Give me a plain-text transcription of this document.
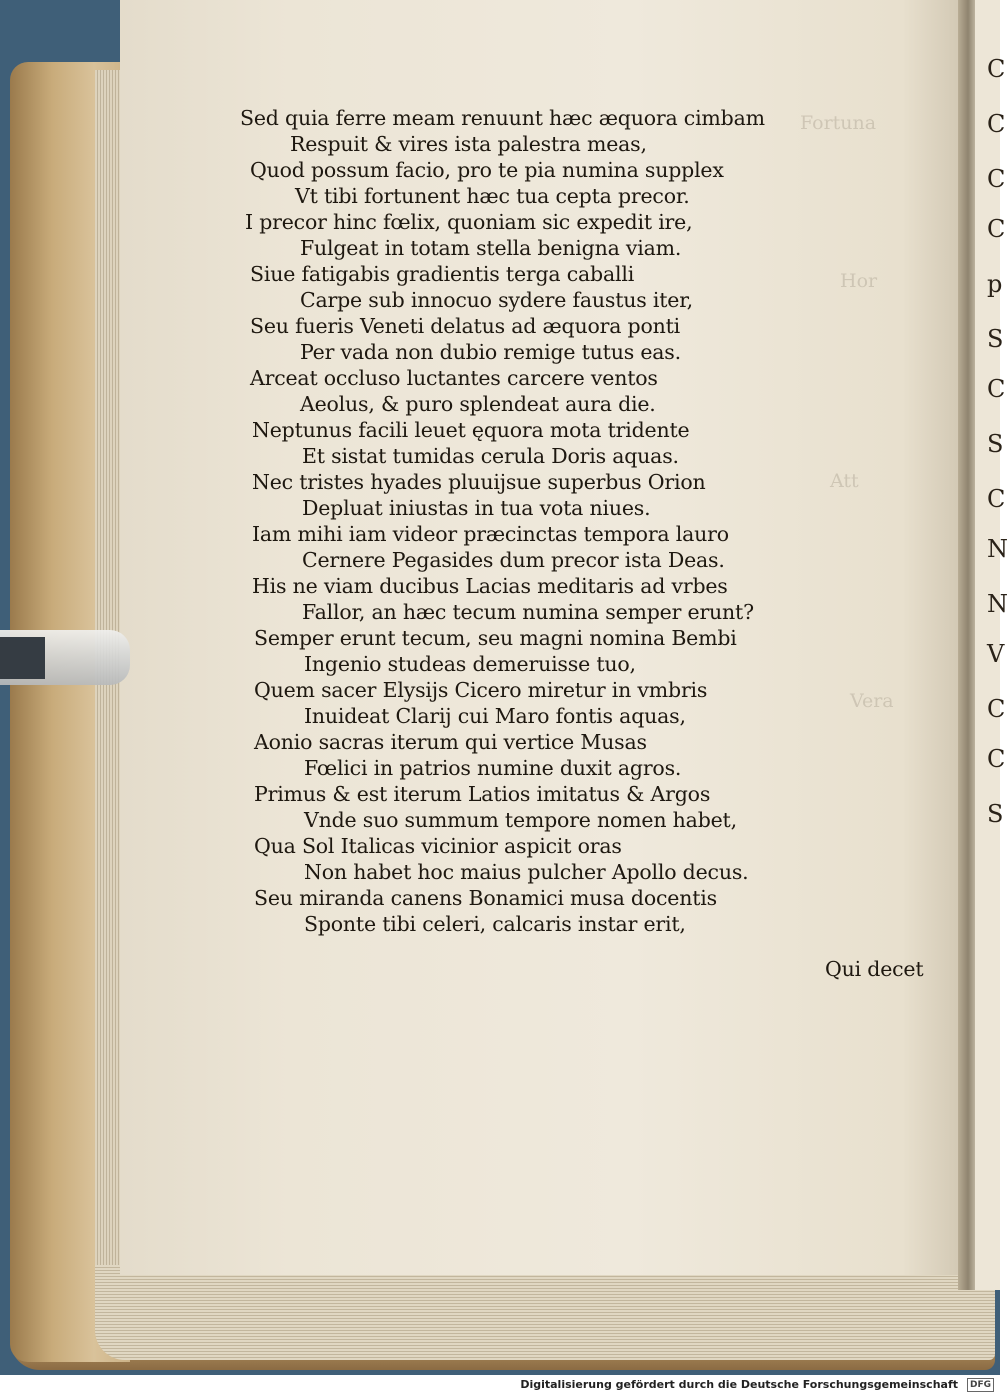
Fortuna
Hor
Att
Vera
C
C
C
C
p
S
C
S
C
N
N
V
C
C
S
Sed quia ferre meam renuunt hæc æquora cimbam
Respuit & vires ista palestra meas,
Quod possum facio, pro te pia numina supplex
Vt tibi fortunent hæc tua cepta precor.
I precor hinc fœlix, quoniam sic expedit ire,
Fulgeat in totam stella benigna viam.
Siue fatigabis gradientis terga caballi
Carpe sub innocuo sydere faustus iter,
Seu fueris Veneti delatus ad æquora ponti
Per vada non dubio remige tutus eas.
Arceat occluso luctantes carcere ventos
Aeolus, & puro splendeat aura die.
Neptunus facili leuet ęquora mota tridente
Et sistat tumidas cerula Doris aquas.
Nec tristes hyades pluuijsue superbus Orion
Depluat iniustas in tua vota niues.
Iam mihi iam videor præcinctas tempora lauro
Cernere Pegasides dum precor ista Deas.
His ne viam ducibus Lacias meditaris ad vrbes
Fallor, an hæc tecum numina semper erunt?
Semper erunt tecum, seu magni nomina Bembi
Ingenio studeas demeruisse tuo,
Quem sacer Elysijs Cicero miretur in vmbris
Inuideat Clarij cui Maro fontis aquas,
Aonio sacras iterum qui vertice Musas
Fœlici in patrios numine duxit agros.
Primus & est iterum Latios imitatus & Argos
Vnde suo summum tempore nomen habet,
Qua Sol Italicas vicinior aspicit oras
Non habet hoc maius pulcher Apollo decus.
Seu miranda canens Bonamici musa docentis
Sponte tibi celeri, calcaris instar erit,
Qui decet
Digitalisierung gefördert durch die Deutsche Forschungsgemeinschaft	DFG
